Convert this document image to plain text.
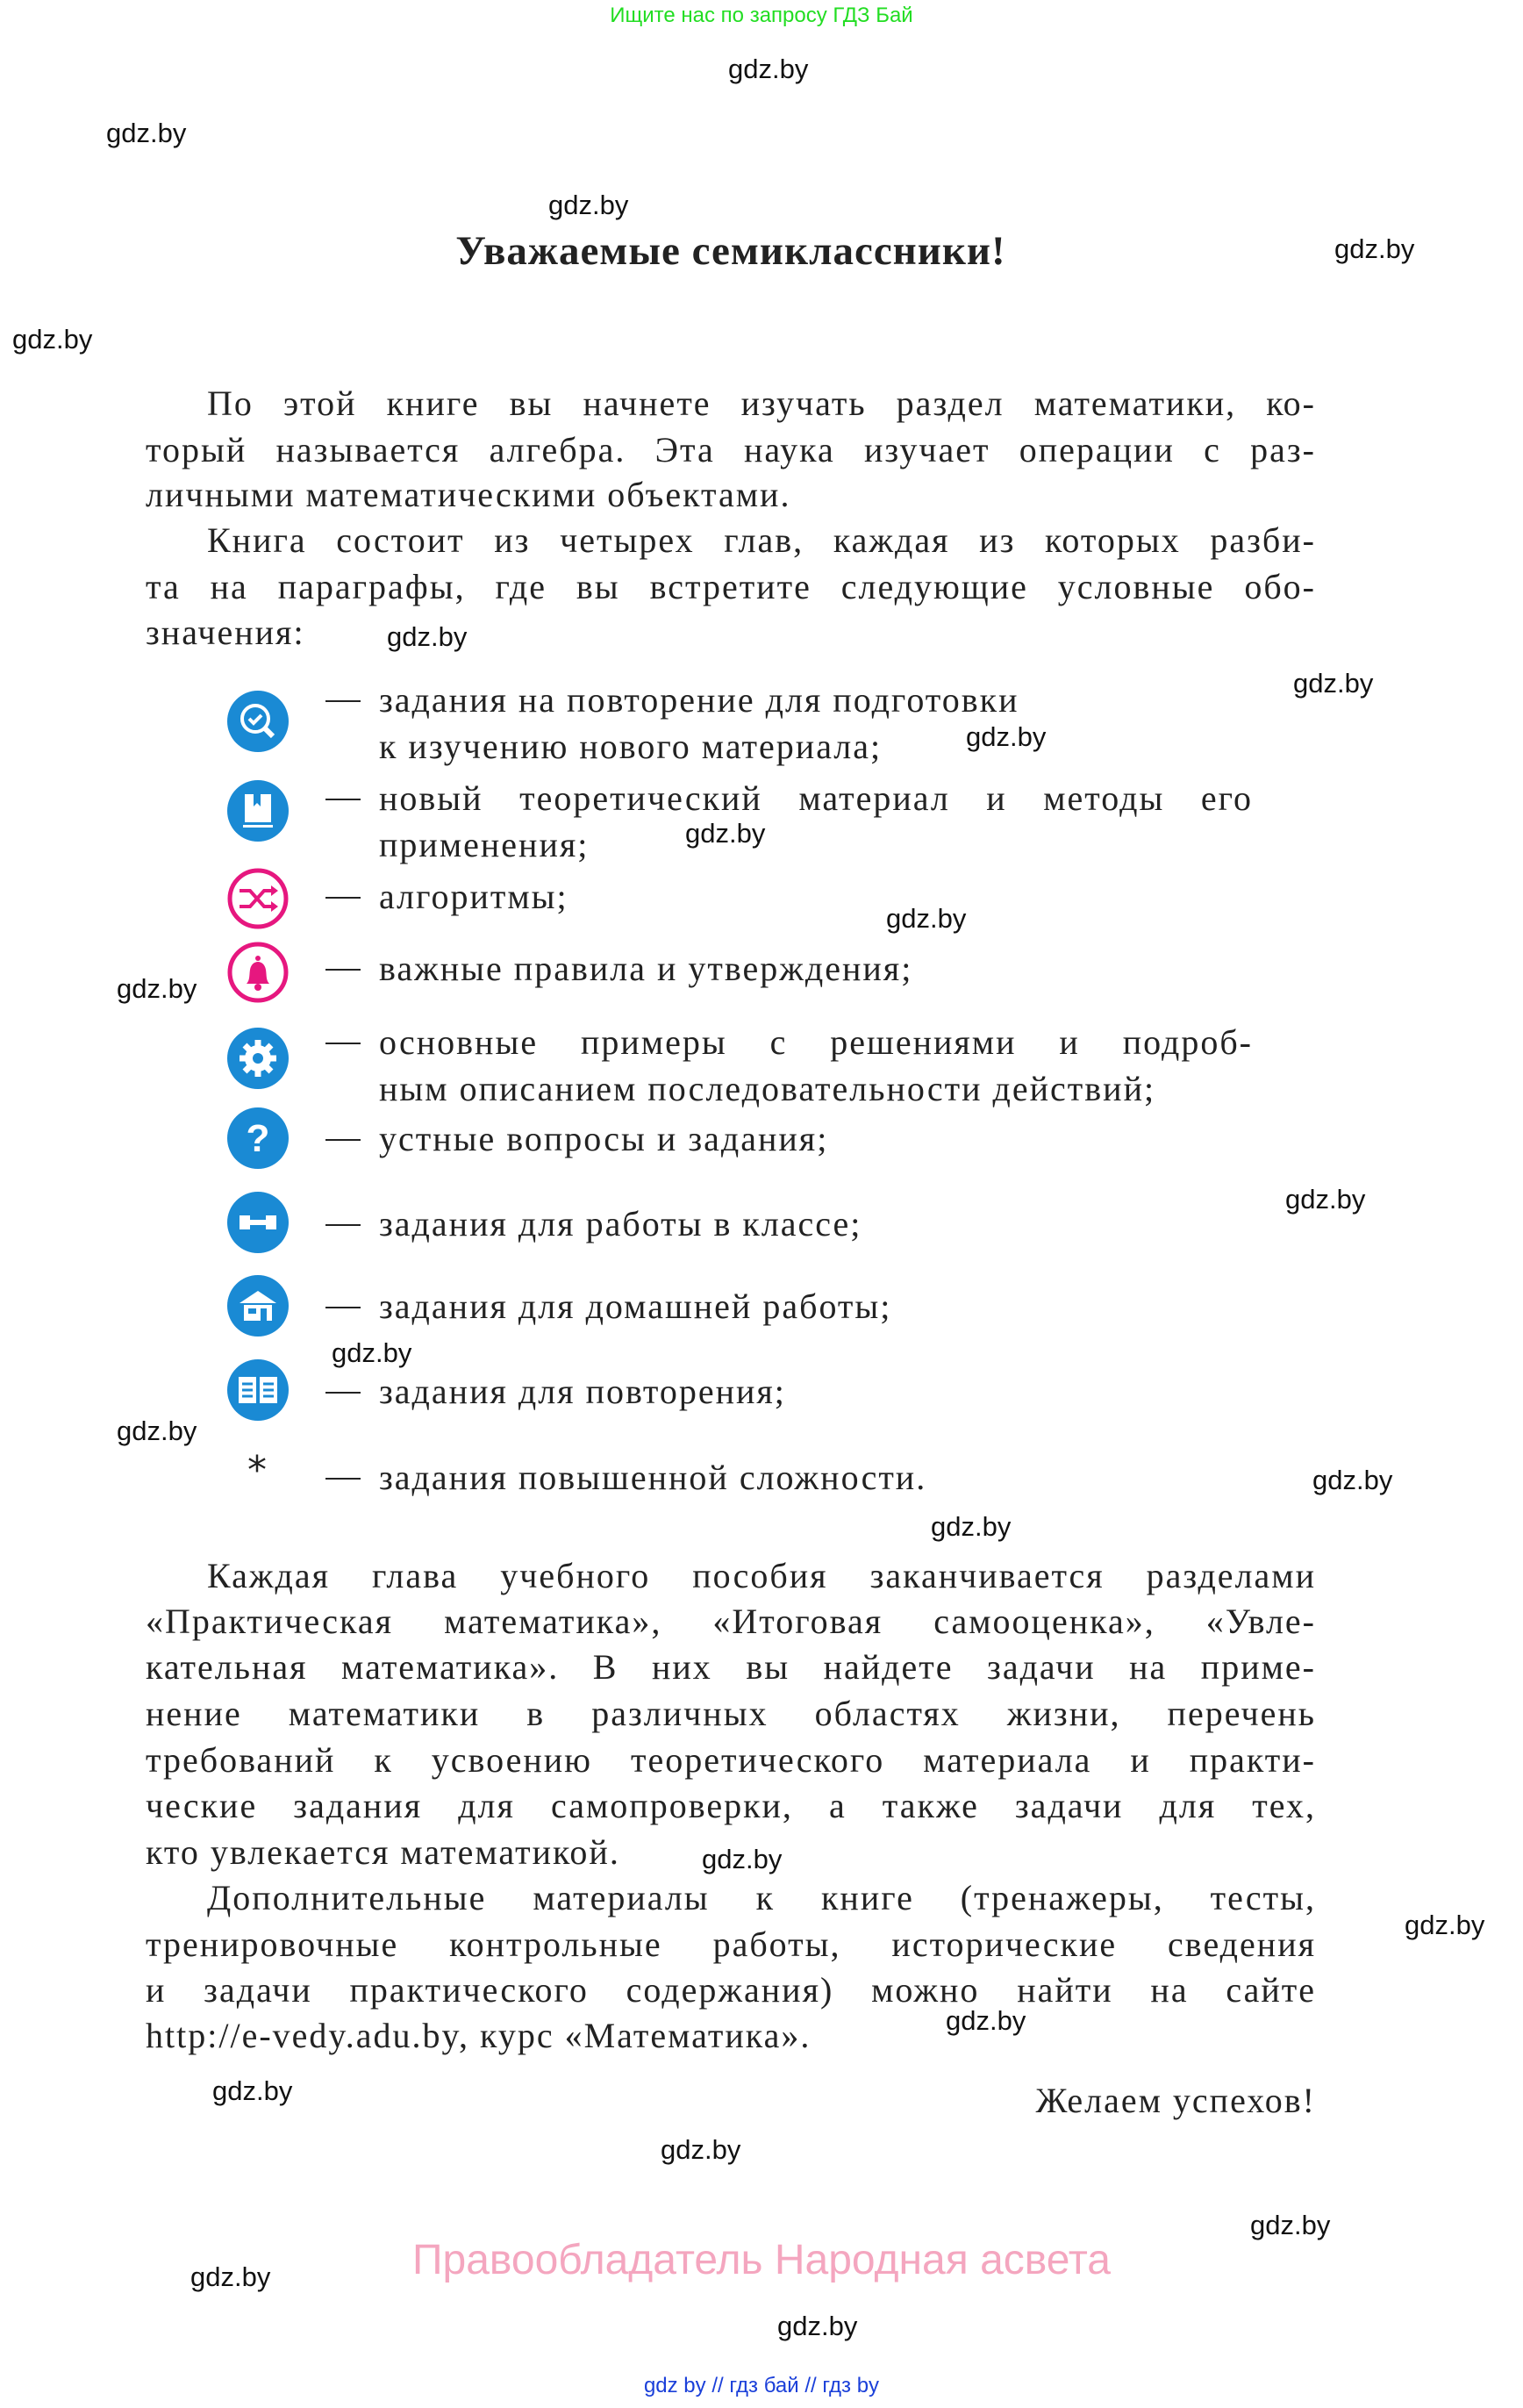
Ищите нас по запросу ГДЗ Бай
Уважаемые семиклассники!
По этой книге вы начнете изучать раздел математики, ко-
торый называется алгебра. Эта наука изучает операции с раз-
личными математическими объектами.
Книга состоит из четырех глав, каждая из которых разби-
та на параграфы, где вы встретите следующие условные обо-
значения:
?
*
задания на повторение для подготовки
к изучению нового материала;
новый теоретический материал и методы его
применения;
алгоритмы;
важные правила и утверждения;
основные примеры с решениями и подроб-
ным описанием последовательности действий;
устные вопросы и задания;
задания для работы в классе;
задания для домашней работы;
задания для повторения;
задания повышенной сложности.
Каждая глава учебного пособия заканчивается разделами
«Практическая математика», «Итоговая самооценка», «Увле-
кательная математика». В них вы найдете задачи на приме-
нение математики в различных областях жизни, перечень
требований к усвоению теоретического материала и практи-
ческие задания для самопроверки, а также задачи для тех,
кто увлекается математикой.
Дополнительные материалы к книге (тренажеры, тесты,
тренировочные контрольные работы, исторические сведения
и задачи практического содержания) можно найти на сайте
http://e-vedy.adu.by, курс «Математика».
Желаем успехов!
gdz.by
gdz.by
gdz.by
gdz.by
gdz.by
gdz.by
gdz.by
gdz.by
gdz.by
gdz.by
gdz.by
gdz.by
gdz.by
gdz.by
gdz.by
gdz.by
gdz.by
gdz.by
gdz.by
gdz.by
gdz.by
gdz.by
gdz.by
gdz.by
Правообладатель Народная асвета
gdz by // гдз бай // гдз by
